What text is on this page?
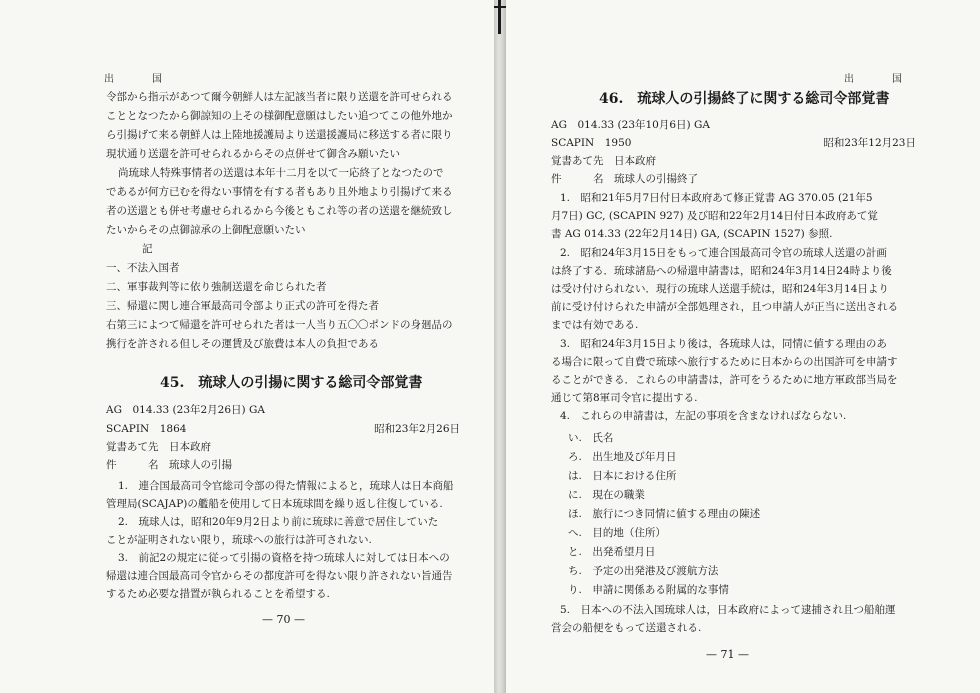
出　国
令部から指示があつて爾今朝鮮人は左記該当者に限り送還を許可せられる
こととなつたから御諒知の上その様御配意願はしたい追つてこの他外地か
ら引揚げて来る朝鮮人は上陸地援護局より送還援護局に移送する者に限り
現状通り送還を許可せられるからその点併せて御含み願いたい
尚琉球人特殊事情者の送還は本年十二月を以て一応終了となつたので
であるが何方已むを得ない事情を有する者もあり且外地より引揚げて来る
者の送還とも併せ考慮せられるから今後ともこれ等の者の送還を継続致し
たいからその点御諒承の上御配意願いたい
記
一、不法入国者
二、軍事裁判等に依り強制送還を命じられた者
三、帰還に関し連合軍最高司令部より正式の許可を得た者
右第三によつて帰還を許可せられた者は一人当り五〇〇ポンドの身廻品の
携行を許される但しその運賃及び旅費は本人の負担である
45.　琉球人の引揚に関する総司令部覚書
AG　014.33 (23年2月26日) GA
SCAPIN　1864	昭和23年2月26日
覚書あて先　日本政府
件　　　名　琉球人の引揚
1.　連合国最高司令官総司令部の得た情報によると，琉球人は日本商船
管理局(SCAJAP)の艦船を使用して日本琉球間を繰り返し往復している.
2.　琉球人は，昭和20年9月2日より前に琉球に善意で居住していた
ことが証明されない限り，琉球への旅行は許可されない.
3.　前記2の規定に従って引揚の資格を持つ琉球人に対しては日本への
帰還は連合国最高司令官からその都度許可を得ない限り許されない旨通告
するため必要な措置が執られることを希望する.
— 70 —
出　国
46.　琉球人の引揚終了に関する総司令部覚書
AG　014.33 (23年10月6日) GA
SCAPIN　1950	昭和23年12月23日
覚書あて先　日本政府
件　　　名　琉球人の引揚終了
1.　昭和21年5月7日付日本政府あて修正覚書 AG 370.05 (21年5
月7日) GC, (SCAPIN 927) 及び昭和22年2月14日付日本政府あて覚
書 AG 014.33 (22年2月14日) GA, (SCAPIN 1527) 参照.
2.　昭和24年3月15日をもって連合国最高司令官の琉球人送還の計画
は終了する．琉球諸島への帰還申請書は，昭和24年3月14日24時より後
は受け付けられない．現行の琉球人送還手続は，昭和24年3月14日より
前に受け付けられた申請が全部処理され，且つ申請人が正当に送出される
までは有効である.
3.　昭和24年3月15日より後は，各琉球人は，同情に値する理由のあ
る場合に限って自費で琉球へ旅行するために日本からの出国許可を申請す
ることができる．これらの申請書は，許可をうるために地方軍政部当局を
通じて第8軍司令官に提出する.
4.　これらの申請書は，左記の事項を含まなければならない.
い.　氏名
ろ.　出生地及び年月日
は.　日本における住所
に.　現在の職業
ほ.　旅行につき同情に値する理由の陳述
へ.　目的地（住所）
と.　出発希望月日
ち.　予定の出発港及び渡航方法
り.　申請に関係ある附属的な事情
5.　日本への不法入国琉球人は，日本政府によって逮捕され且つ船舶運
営会の船便をもって送還される.
— 71 —
